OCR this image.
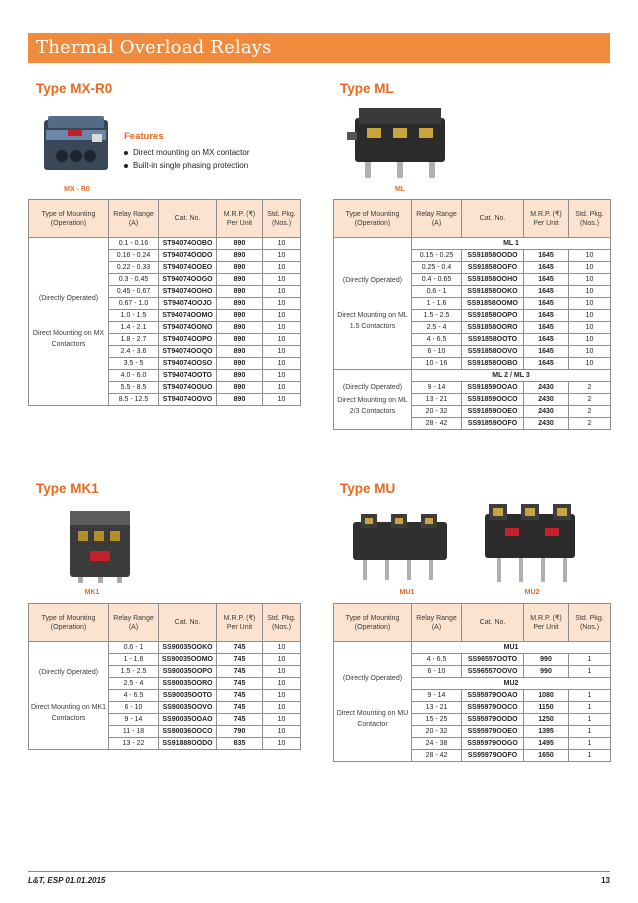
Thermal Overload Relays
Type MX-R0
MX - R0
Features
Direct mounting on MX contactor
Built-in single phasing protection
Type of Mounting (Operation)	Relay Range (A)	Cat. No.	M.R.P. (₹) Per Unit	Std. Pkg. (Nos.)

(Directly Operated)
Direct Mounting on MX Contactors	0.1 - 0.16	ST94074OOBO	890	10
	0.16 - 0.24	ST94074OODO	890	10
	0.22 - 0.33	ST94074OOEO	890	10
	0.3 - 0.45	ST94074OOGO	890	10
	0.45 - 0.67	ST94074OOHO	890	10
	0.67 - 1.0	ST94074OOJO	890	10
	1.0 - 1.5	ST94074OOMO	890	10
	1.4 - 2.1	ST94074OONO	890	10
	1.8 - 2.7	ST94074OOPO	890	10
	2.4 - 3.6	ST94074OOQO	890	10
	3.5 - 5	ST94074OOSO	890	10
	4.0 - 6.0	ST94074OOTO	890	10
	5.5 - 8.5	ST94074OOUO	890	10
	8.5 - 12.5	ST94074OOVO	890	10
Type ML
ML
Type of Mounting (Operation)	Relay Range (A)	Cat. No.	M.R.P. (₹) Per Unit	Std. Pkg. (Nos.)

(Directly Operated)
Direct Mounting on ML 1.5 Contactors	ML 1			
	0.15 - 0.25	SS91858OODO	1645	10
	0.25 - 0.4	SS91858OOFO	1645	10
	0.4 - 0.65	SS91858OOHO	1645	10
	0.6 - 1	SS91858OOKO	1645	10
	1 - 1.6	SS91858OOMO	1645	10
	1.5 - 2.5	SS91858OOPO	1645	10
	2.5 - 4	SS91858OORO	1645	10
	4 - 6.5	SS91858OOTO	1645	10
	6 - 10	SS91858OOVO	1645	10
	10 - 16	SS91858OOBO	1645	10

(Directly Operated)
Direct Mounting on ML 2/3 Contactors	ML 2 / ML 3			
	9 - 14	SS91859OOAO	2430	2
	13 - 21	SS91859OOCO	2430	2
	20 - 32	SS91859OOEO	2430	2
	28 - 42	SS91859OOFO	2430	2
Type MK1
MK1
Type of Mounting (Operation)	Relay Range (A)	Cat. No.	M.R.P. (₹) Per Unit	Std. Pkg. (Nos.)

(Directly Operated)
Direct Mounting on MK1 Contactors	0.6 - 1	SS90035OOKO	745	10
	1 - 1.6	SS90035OOMO	745	10
	1.5 - 2.5	SS90035OOPO	745	10
	2.5 - 4	SS90035OORO	745	10
	4 - 6.5	SS90035OOTO	745	10
	6 - 10	SS90035OOVO	745	10
	9 - 14	SS90035OOAO	745	10
	11 - 18	SS90036OOCO	790	10
	13 - 22	SS91888OODO	835	10
Type MU
MU1	MU2
Type of Mounting (Operation)	Relay Range (A)	Cat. No.	M.R.P. (₹) Per Unit	Std. Pkg. (Nos.)

(Directly Operated)
Direct Mounting on MU Contactor	MU1			
	4 - 6.5	SS96557OOTO	990	1
	6 - 10	SS96557OOVO	990	1
	MU2			
	9 - 14	SS95979OOAO	1080	1
	13 - 21	SS95979OOCO	1150	1
	15 - 25	SS95979OODO	1250	1
	20 - 32	SS95979OOEO	1395	1
	24 - 38	SS95979OOGO	1495	1
	28 - 42	SS95979OOFO	1650	1
L&T, ESP 01.01.2015	13
